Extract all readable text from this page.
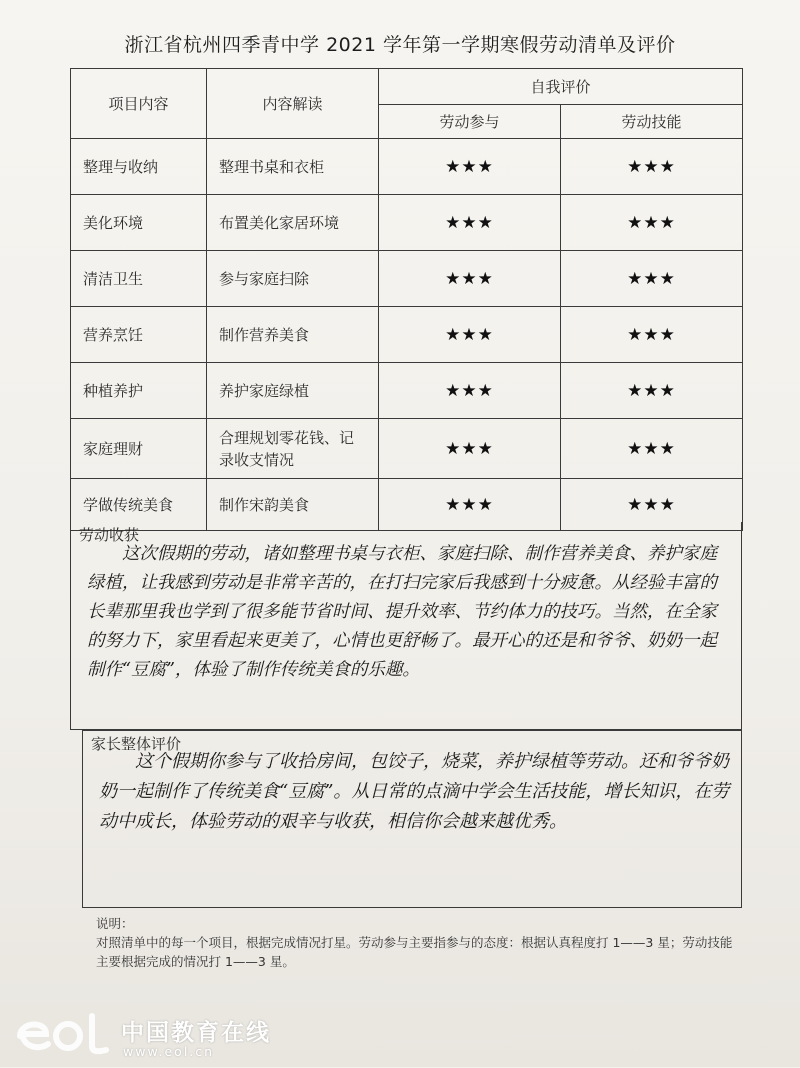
浙江省杭州四季青中学 2021 学年第一学期寒假劳动清单及评价
项目内容	内容解读	自我评价	
		劳动参与	劳动技能
整理与收纳	整理书桌和衣柜	★★★	★★★
美化环境	布置美化家居环境	★★★	★★★
清洁卫生	参与家庭扫除	★★★	★★★
营养烹饪	制作营养美食	★★★	★★★
种植养护	养护家庭绿植	★★★	★★★
家庭理财	合理规划零花钱、记录收支情况	★★★	★★★
学做传统美食	制作宋韵美食	★★★	★★★
劳动收获
这次假期的劳动，诸如整理书桌与衣柜、家庭扫除、制作营养美食、养护家庭绿植，让我感到劳动是非常辛苦的，在打扫完家后我感到十分疲惫。从经验丰富的长辈那里我也学到了很多能节省时间、提升效率、节约体力的技巧。当然，在全家的努力下，家里看起来更美了，心情也更舒畅了。最开心的还是和爷爷、奶奶一起制作“豆腐”，体验了制作传统美食的乐趣。
家长整体评价
这个假期你参与了收拾房间，包饺子，烧菜，养护绿植等劳动。还和爷爷奶奶一起制作了传统美食“豆腐”。从日常的点滴中学会生活技能，增长知识，在劳动中成长，体验劳动的艰辛与收获，相信你会越来越优秀。
说明：
对照清单中的每一个项目，根据完成情况打星。劳动参与主要指参与的态度：根据认真程度打 1——3 星；劳动技能主要根据完成的情况打 1——3 星。
中国教育在线
www.eol.cn
